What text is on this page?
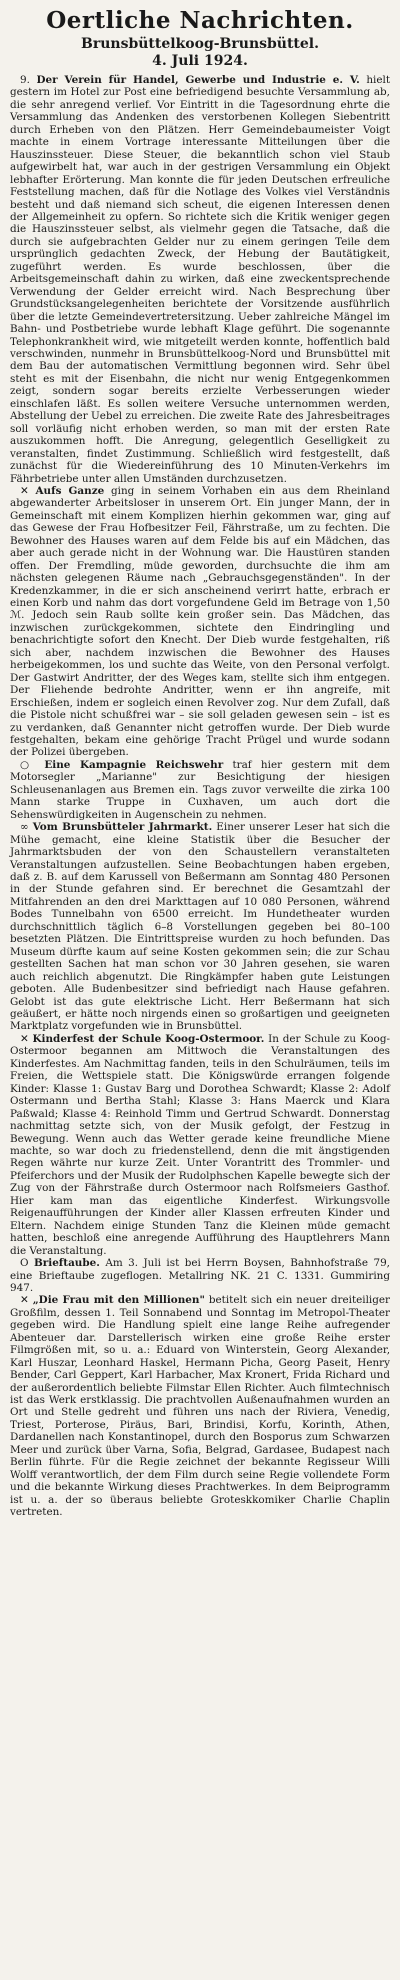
Oertliche Nachrichten.
Brunsbüttelkoog-Brunsbüttel.
4. Juli 1924.

9. Der Verein für Handel, Gewerbe und Industrie e. V. hielt gestern im Hotel zur Post eine befriedigend besuchte Versammlung ab, die sehr anregend verlief. Vor Eintritt in die Tagesordnung ehrte die Versammlung das Andenken des verstorbenen Kollegen Siebentritt durch Erheben von den Plätzen. Herr Gemeindebaumeister Voigt machte in einem Vortrage interessante Mitteilungen über die Hauszinssteuer. Diese Steuer, die bekanntlich schon viel Staub aufgewirbelt hat, war auch in der gestrigen Versammlung ein Objekt lebhafter Erörterung. Man konnte die für jeden Deutschen erfreuliche Feststellung machen, daß für die Notlage des Volkes viel Verständnis besteht und daß niemand sich scheut, die eigenen Interessen denen der Allgemeinheit zu opfern. So richtete sich die Kritik weniger gegen die Hauszinssteuer selbst, als vielmehr gegen die Tatsache, daß die durch sie aufgebrachten Gelder nur zu einem geringen Teile dem ursprünglich gedachten Zweck, der Hebung der Bautätigkeit, zugeführt werden. Es wurde beschlossen, über die Arbeitsgemeinschaft dahin zu wirken, daß eine zweckentsprechende Verwendung der Gelder erreicht wird. Nach Besprechung über Grundstücksangelegenheiten berichtete der Vorsitzende ausführlich über die letzte Gemeindevertretersitzung. Ueber zahlreiche Mängel im Bahn- und Postbetriebe wurde lebhaft Klage geführt. Die sogenannte Telephonkrankheit wird, wie mitgeteilt werden konnte, hoffentlich bald verschwinden, nunmehr in Brunsbüttelkoog-Nord und Brunsbüttel mit dem Bau der automatischen Vermittlung begonnen wird. Sehr übel steht es mit der Eisenbahn, die nicht nur wenig Entgegenkommen zeigt, sondern sogar bereits erzielte Verbesserungen wieder einschlafen läßt. Es sollen weitere Versuche unternommen werden, Abstellung der Uebel zu erreichen. Die zweite Rate des Jahresbeitrages soll vorläufig nicht erhoben werden, so man mit der ersten Rate auszukommen hofft. Die Anregung, gelegentlich Geselligkeit zu veranstalten, findet Zustimmung. Schließlich wird festgestellt, daß zunächst für die Wiedereinführung des 10 Minuten-Verkehrs im Fährbetriebe unter allen Umständen durchzusetzen.

✕ Aufs Ganze ging in seinem Vorhaben ein aus dem Rheinland abgewanderter Arbeitsloser in unserem Ort. Ein junger Mann, der in Gemeinschaft mit einem Komplizen hierhin gekommen war, ging auf das Gewese der Frau Hofbesitzer Feil, Fährstraße, um zu fechten. Die Bewohner des Hauses waren auf dem Felde bis auf ein Mädchen, das aber auch gerade nicht in der Wohnung war. Die Haustüren standen offen. Der Fremdling, müde geworden, durchsuchte die ihm am nächsten gelegenen Räume nach „Gebrauchsgegenständen". In der Kredenzkammer, in die er sich anscheinend verirrt hatte, erbrach er einen Korb und nahm das dort vorgefundene Geld im Betrage von 1,50 ℳ. Jedoch sein Raub sollte kein großer sein. Das Mädchen, das inzwischen zurückgekommen, sichtete den Eindringling und benachrichtigte sofort den Knecht. Der Dieb wurde festgehalten, riß sich aber, nachdem inzwischen die Bewohner des Hauses herbeigekommen, los und suchte das Weite, von den Personal verfolgt. Der Gastwirt Andritter, der des Weges kam, stellte sich ihm entgegen. Der Fliehende bedrohte Andritter, wenn er ihn angreife, mit Erschießen, indem er sogleich einen Revolver zog. Nur dem Zufall, daß die Pistole nicht schußfrei war – sie soll geladen gewesen sein – ist es zu verdanken, daß Genannter nicht getroffen wurde. Der Dieb wurde festgehalten, bekam eine gehörige Tracht Prügel und wurde sodann der Polizei übergeben.

○ Eine Kampagnie Reichswehr traf hier gestern mit dem Motorsegler „Marianne" zur Besichtigung der hiesigen Schleusenanlagen aus Bremen ein. Tags zuvor verweilte die zirka 100 Mann starke Truppe in Cuxhaven, um auch dort die Sehenswürdigkeiten in Augenschein zu nehmen.

∞ Vom Brunsbütteler Jahrmarkt. Einer unserer Leser hat sich die Mühe gemacht, eine kleine Statistik über die Besucher der Jahrmarktsbuden der von den Schaustellern veranstalteten Veranstaltungen aufzustellen. Seine Beobachtungen haben ergeben, daß z. B. auf dem Karussell von Beßermann am Sonntag 480 Personen in der Stunde gefahren sind. Er berechnet die Gesamtzahl der Mitfahrenden an den drei Markttagen auf 10 080 Personen, während Bodes Tunnelbahn von 6500 erreicht. Im Hundetheater wurden durchschnittlich täglich 6–8 Vorstellungen gegeben bei 80–100 besetzten Plätzen. Die Eintrittspreise wurden zu hoch befunden. Das Museum dürfte kaum auf seine Kosten gekommen sein; die zur Schau gestellten Sachen hat man schon vor 30 Jahren gesehen, sie waren auch reichlich abgenutzt. Die Ringkämpfer haben gute Leistungen geboten. Alle Budenbesitzer sind befriedigt nach Hause gefahren. Gelobt ist das gute elektrische Licht. Herr Beßermann hat sich geäußert, er hätte noch nirgends einen so großartigen und geeigneten Marktplatz vorgefunden wie in Brunsbüttel.

✕ Kinderfest der Schule Koog-Ostermoor. In der Schule zu Koog-Ostermoor begannen am Mittwoch die Veranstaltungen des Kinderfestes. Am Nachmittag fanden, teils in den Schulräumen, teils im Freien, die Wettspiele statt. Die Königswürde errangen folgende Kinder: Klasse 1: Gustav Barg und Dorothea Schwardt; Klasse 2: Adolf Ostermann und Bertha Stahl; Klasse 3: Hans Maerck und Klara Paßwald; Klasse 4: Reinhold Timm und Gertrud Schwardt. Donnerstag nachmittag setzte sich, von der Musik gefolgt, der Festzug in Bewegung. Wenn auch das Wetter gerade keine freundliche Miene machte, so war doch zu friedenstellend, denn die mit ängstigenden Regen währte nur kurze Zeit. Unter Vorantritt des Trommler- und Pfeiferchors und der Musik der Rudolphschen Kapelle bewegte sich der Zug von der Fährstraße durch Ostermoor nach Rolfsmeiers Gasthof. Hier kam man das eigentliche Kinderfest. Wirkungsvolle Reigenaufführungen der Kinder aller Klassen erfreuten Kinder und Eltern. Nachdem einige Stunden Tanz die Kleinen müde gemacht hatten, beschloß eine anregende Aufführung des Hauptlehrers Mann die Veranstaltung.

O Brieftaube. Am 3. Juli ist bei Herrn Boysen, Bahnhofstraße 79, eine Brieftaube zugeflogen. Metallring NK. 21 C. 1331. Gummiring 947.

✕ „Die Frau mit den Millionen" betitelt sich ein neuer dreiteiliger Großfilm, dessen 1. Teil Sonnabend und Sonntag im Metropol-Theater gegeben wird. Die Handlung spielt eine lange Reihe aufregender Abenteuer dar. Darstellerisch wirken eine große Reihe erster Filmgrößen mit, so u. a.: Eduard von Winterstein, Georg Alexander, Karl Huszar, Leonhard Haskel, Hermann Picha, Georg Paseit, Henry Bender, Carl Geppert, Karl Harbacher, Max Kronert, Frida Richard und der außerordentlich beliebte Filmstar Ellen Richter. Auch filmtechnisch ist das Werk erstklassig. Die prachtvollen Außenaufnahmen wurden an Ort und Stelle gedreht und führen uns nach der Riviera, Venedig, Triest, Porterose, Piräus, Bari, Brindisi, Korfu, Korinth, Athen, Dardanellen nach Konstantinopel, durch den Bosporus zum Schwarzen Meer und zurück über Varna, Sofia, Belgrad, Gardasee, Budapest nach Berlin führte. Für die Regie zeichnet der bekannte Regisseur Willi Wolff verantwortlich, der dem Film durch seine Regie vollendete Form und die bekannte Wirkung dieses Prachtwerkes. In dem Beiprogramm ist u. a. der so überaus beliebte Groteskkomiker Charlie Chaplin vertreten.
